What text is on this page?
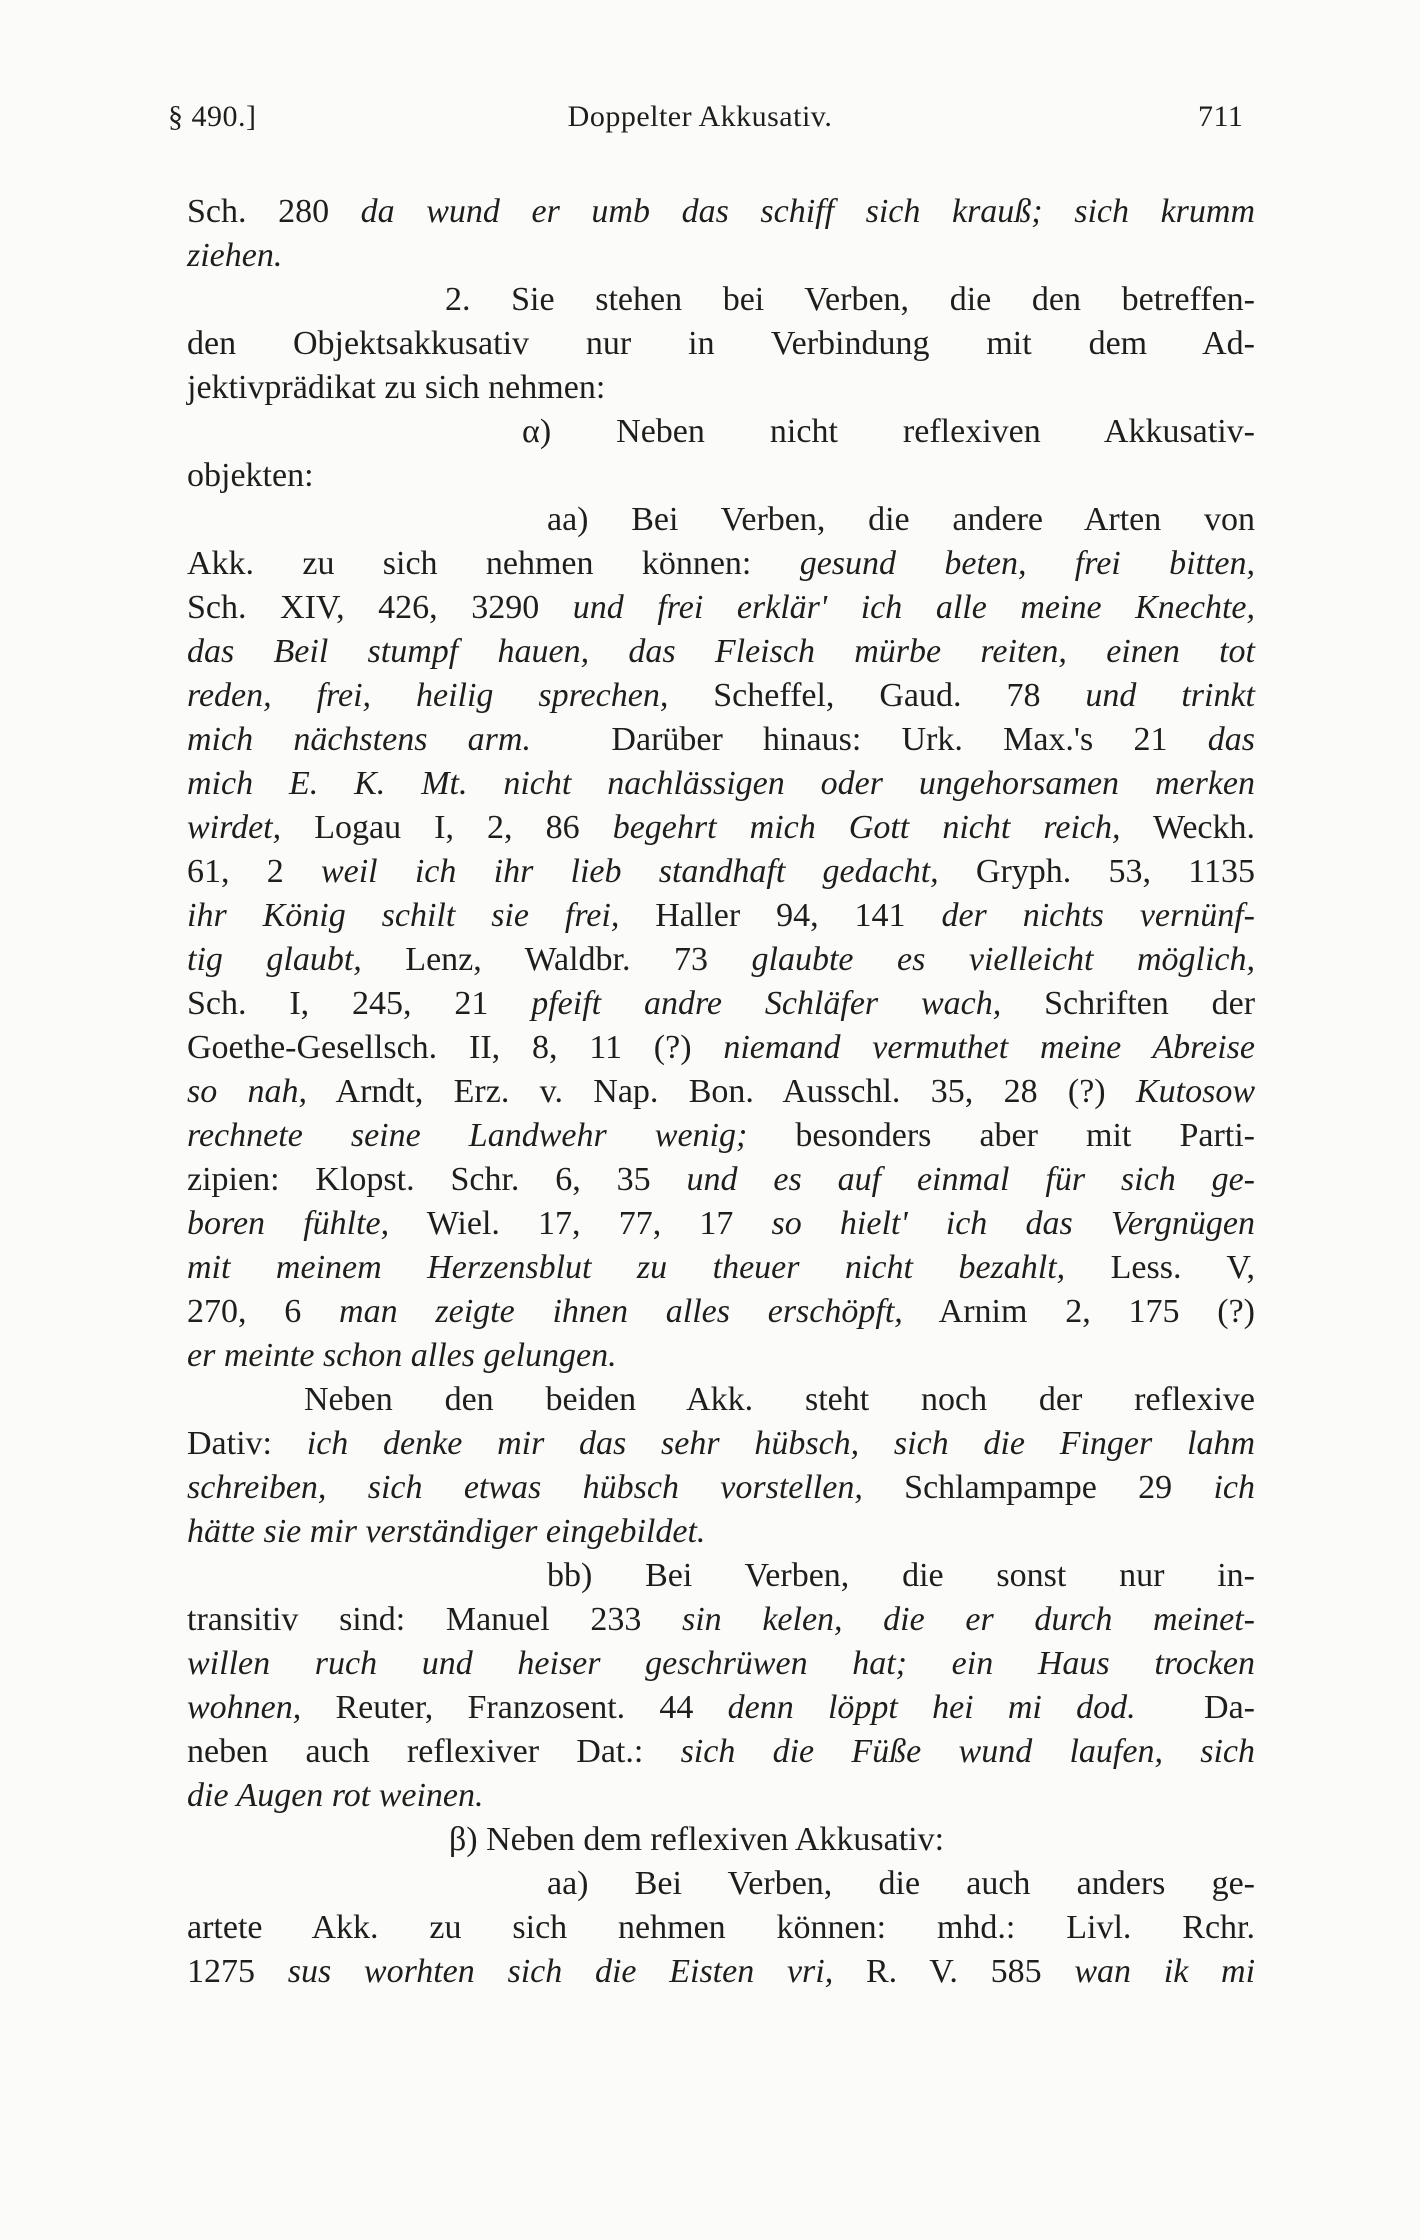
§ 490.]	Doppelter Akkusativ.	711
Sch. 280 da wund er umb das schiff sich krauß; sich krumm
ziehen.
2. Sie stehen bei Verben, die den betreffen-
den Objektsakkusativ nur in Verbindung mit dem Ad-
jektivprädikat zu sich nehmen:
α) Neben nicht reflexiven Akkusativ-
objekten:
aa) Bei Verben, die andere Arten von
Akk. zu sich nehmen können: gesund beten, frei bitten,
Sch. XIV, 426, 3290 und frei erklär' ich alle meine Knechte,
das Beil stumpf hauen, das Fleisch mürbe reiten, einen tot
reden, frei, heilig sprechen, Scheffel, Gaud. 78 und trinkt
mich nächstens arm.  Darüber hinaus: Urk. Max.'s 21 das
mich E. K. Mt. nicht nachlässigen oder ungehorsamen merken
wirdet, Logau I, 2, 86 begehrt mich Gott nicht reich, Weckh.
61, 2 weil ich ihr lieb standhaft gedacht, Gryph. 53, 1135
ihr König schilt sie frei, Haller 94, 141 der nichts vernünf-
tig glaubt, Lenz, Waldbr. 73 glaubte es vielleicht möglich,
Sch. I, 245, 21 pfeift andre Schläfer wach, Schriften der
Goethe-Gesellsch. II, 8, 11 (?) niemand vermuthet meine Abreise
so nah, Arndt, Erz. v. Nap. Bon. Ausschl. 35, 28 (?) Kutosow
rechnete seine Landwehr wenig; besonders aber mit Parti-
zipien: Klopst. Schr. 6, 35 und es auf einmal für sich ge-
boren fühlte, Wiel. 17, 77, 17 so hielt' ich das Vergnügen
mit meinem Herzensblut zu theuer nicht bezahlt, Less. V,
270, 6 man zeigte ihnen alles erschöpft, Arnim 2, 175 (?)
er meinte schon alles gelungen.
Neben den beiden Akk. steht noch der reflexive
Dativ: ich denke mir das sehr hübsch, sich die Finger lahm
schreiben, sich etwas hübsch vorstellen, Schlampampe 29 ich
hätte sie mir verständiger eingebildet.
bb) Bei Verben, die sonst nur in-
transitiv sind: Manuel 233 sin kelen, die er durch meinet-
willen ruch und heiser geschrüwen hat; ein Haus trocken
wohnen, Reuter, Franzosent. 44 denn löppt hei mi dod.  Da-
neben auch reflexiver Dat.: sich die Füße wund laufen, sich
die Augen rot weinen.
β) Neben dem reflexiven Akkusativ:
aa) Bei Verben, die auch anders ge-
artete Akk. zu sich nehmen können: mhd.: Livl. Rchr.
1275 sus worhten sich die Eisten vri, R. V. 585 wan ik mi
